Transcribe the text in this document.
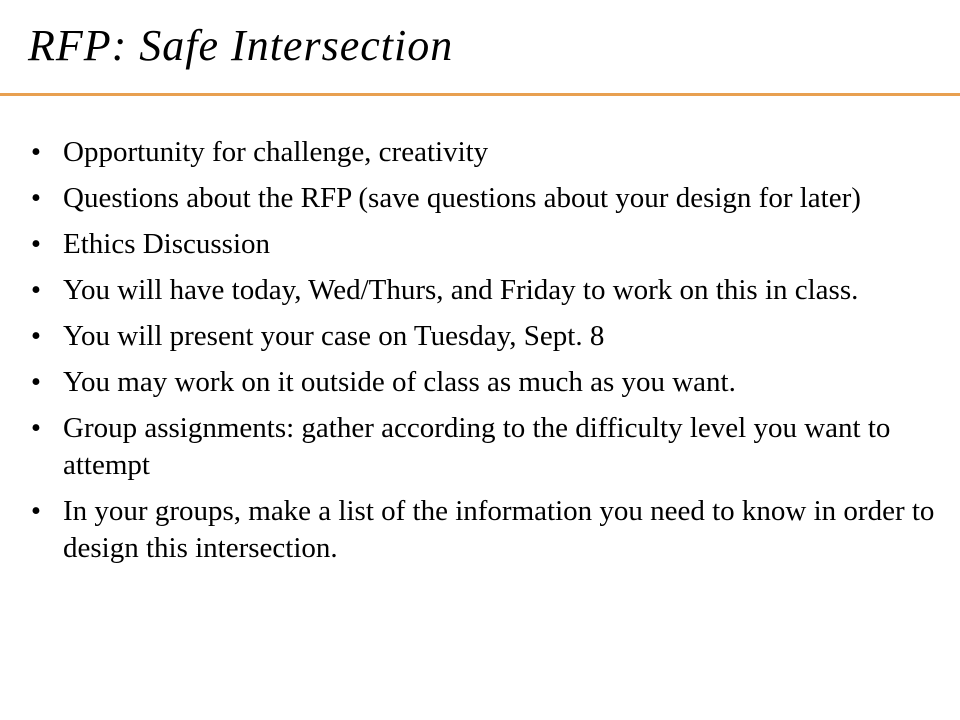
RFP: Safe Intersection
• Opportunity for challenge, creativity
• Questions about the RFP (save questions about your design for later)
• Ethics Discussion
• You will have today, Wed/Thurs, and Friday to work on this in class.
• You will present your case on Tuesday, Sept. 8
• You may work on it outside of class as much as you want.
• Group assignments: gather according to the difficulty level you want to attempt
• In your groups, make a list of the information you need to know in order to design this intersection.
